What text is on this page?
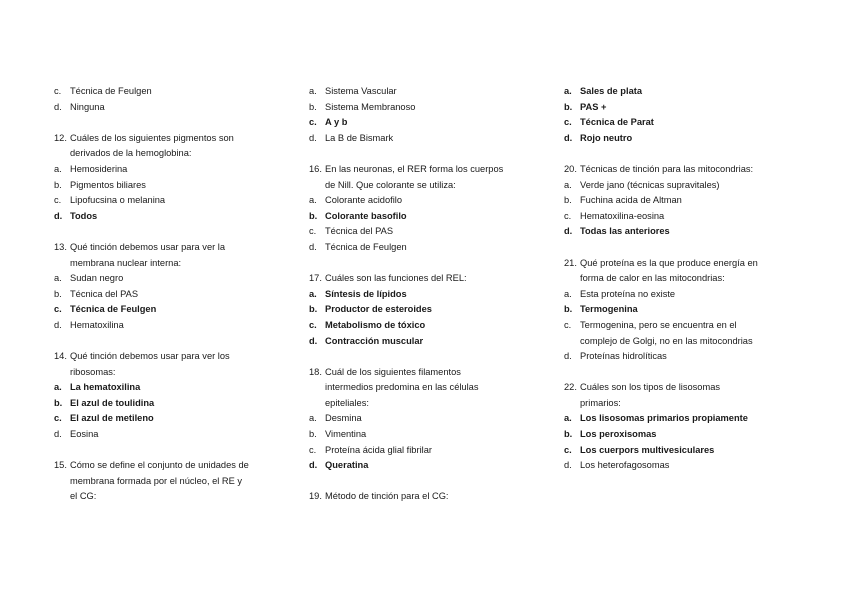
c. Técnica de Feulgen
d. Ninguna
12. Cuáles de los siguientes pigmentos son
derivados de la hemoglobina:
a. Hemosiderina
b. Pigmentos biliares
c. Lipofucsina o melanina
d. Todos
13. Qué tinción debemos usar para ver la
membrana nuclear interna:
a. Sudan negro
b. Técnica del PAS
c. Técnica de Feulgen
d. Hematoxilina
14. Qué tinción debemos usar para ver los
ribosomas:
a. La hematoxilina
b. El azul de toulidina
c. El azul de metileno
d. Eosina
15. Cómo se define el conjunto de unidades de
membrana formada por el núcleo, el RE y
el CG:
a. Sistema Vascular
b. Sistema Membranoso
c. A y b
d. La B de Bismark
16. En las neuronas, el RER forma los cuerpos
de Nill. Que colorante se utiliza:
a. Colorante acidofilo
b. Colorante basofilo
c. Técnica del PAS
d. Técnica de Feulgen
17. Cuáles son las funciones del REL:
a. Síntesis de lípidos
b. Productor de esteroides
c. Metabolismo de tóxico
d. Contracción muscular
18. Cuál de los siguientes filamentos
intermedios predomina en las células
epiteliales:
a. Desmina
b. Vimentina
c. Proteína ácida glial fibrilar
d. Queratina
19. Método de tinción para el CG:
a. Sales de plata
b. PAS +
c. Técnica de Parat
d. Rojo neutro
20. Técnicas de tinción para las mitocondrias:
a. Verde jano (técnicas supravitales)
b. Fuchina acida de Altman
c. Hematoxilina-eosina
d. Todas las anteriores
21. Qué proteína es la que produce energía en
forma de calor en las mitocondrias:
a. Esta proteína no existe
b. Termogenina
c. Termogenina, pero se encuentra en el
complejo de Golgi, no en las mitocondrias
d. Proteínas hidrolíticas
22. Cuáles son los tipos de lisosomas
primarios:
a. Los lisosomas primarios propiamente
b. Los peroxisomas
c. Los cuerpors multivesiculares
d. Los heterofagosomas
